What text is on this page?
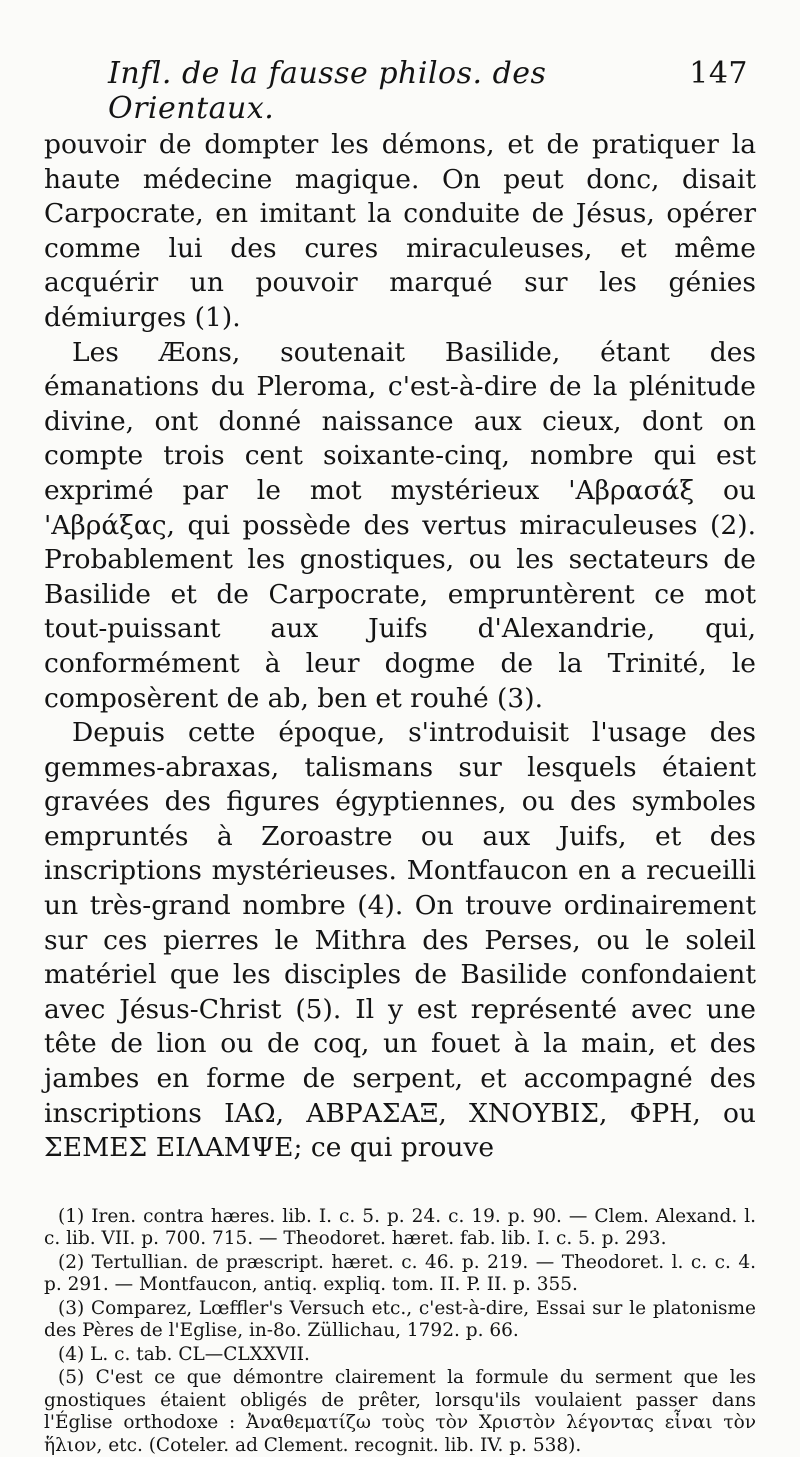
Infl. de la fausse philos. des Orientaux.
147

pouvoir de dompter les démons, et de pratiquer la haute médecine magique. On peut donc, disait Carpocrate, en imitant la conduite de Jésus, opérer comme lui des cures miraculeuses, et même acquérir un pouvoir marqué sur les génies démiurges (1).

Les Æons, soutenait Basilide, étant des émanations du Pleroma, c'est-à-dire de la plénitude divine, ont donné naissance aux cieux, dont on compte trois cent soixante-cinq, nombre qui est exprimé par le mot mystérieux 'Αβρασάξ ou 'Αβράξας, qui possède des vertus miraculeuses (2). Probablement les gnostiques, ou les sectateurs de Basilide et de Carpocrate, empruntèrent ce mot tout-puissant aux Juifs d'Alexandrie, qui, conformément à leur dogme de la Trinité, le composèrent de ab, ben et rouhé (3).

Depuis cette époque, s'introduisit l'usage des gemmes-abraxas, talismans sur lesquels étaient gravées des figures égyptiennes, ou des symboles empruntés à Zoroastre ou aux Juifs, et des inscriptions mystérieuses. Montfaucon en a recueilli un très-grand nombre (4). On trouve ordinairement sur ces pierres le Mithra des Perses, ou le soleil matériel que les disciples de Basilide confondaient avec Jésus-Christ (5). Il y est représenté avec une tête de lion ou de coq, un fouet à la main, et des jambes en forme de serpent, et accompagné des inscriptions ΙΑΩ, ΑΒΡΑΣΑΞ, ΧΝΟΥΒΙΣ, ΦΡΗ, ou ΣΕΜΕΣ ΕΙΛΑΜΨΕ; ce qui prouve

(1) Iren. contra hæres. lib. I. c. 5. p. 24. c. 19. p. 90. — Clem. Alexand. l. c. lib. VII. p. 700. 715. — Theodoret. hæret. fab. lib. I. c. 5. p. 293.

(2) Tertullian. de præscript. hæret. c. 46. p. 219. — Theodoret. l. c. c. 4. p. 291. — Montfaucon, antiq. expliq. tom. II. P. II. p. 355.

(3) Comparez, Lœffler's Versuch etc., c'est-à-dire, Essai sur le platonisme des Pères de l'Eglise, in-8o. Züllichau, 1792. p. 66.

(4) L. c. tab. CL—CLXXVII.

(5) C'est ce que démontre clairement la formule du serment que les gnostiques étaient obligés de prêter, lorsqu'ils voulaient passer dans l'Église orthodoxe : Ἀναθεματίζω τοὺς τὸν Χριστὸν λέγοντας εἶναι τὸν ἥλιον, etc. (Coteler. ad Clement. recognit. lib. IV. p. 538).
